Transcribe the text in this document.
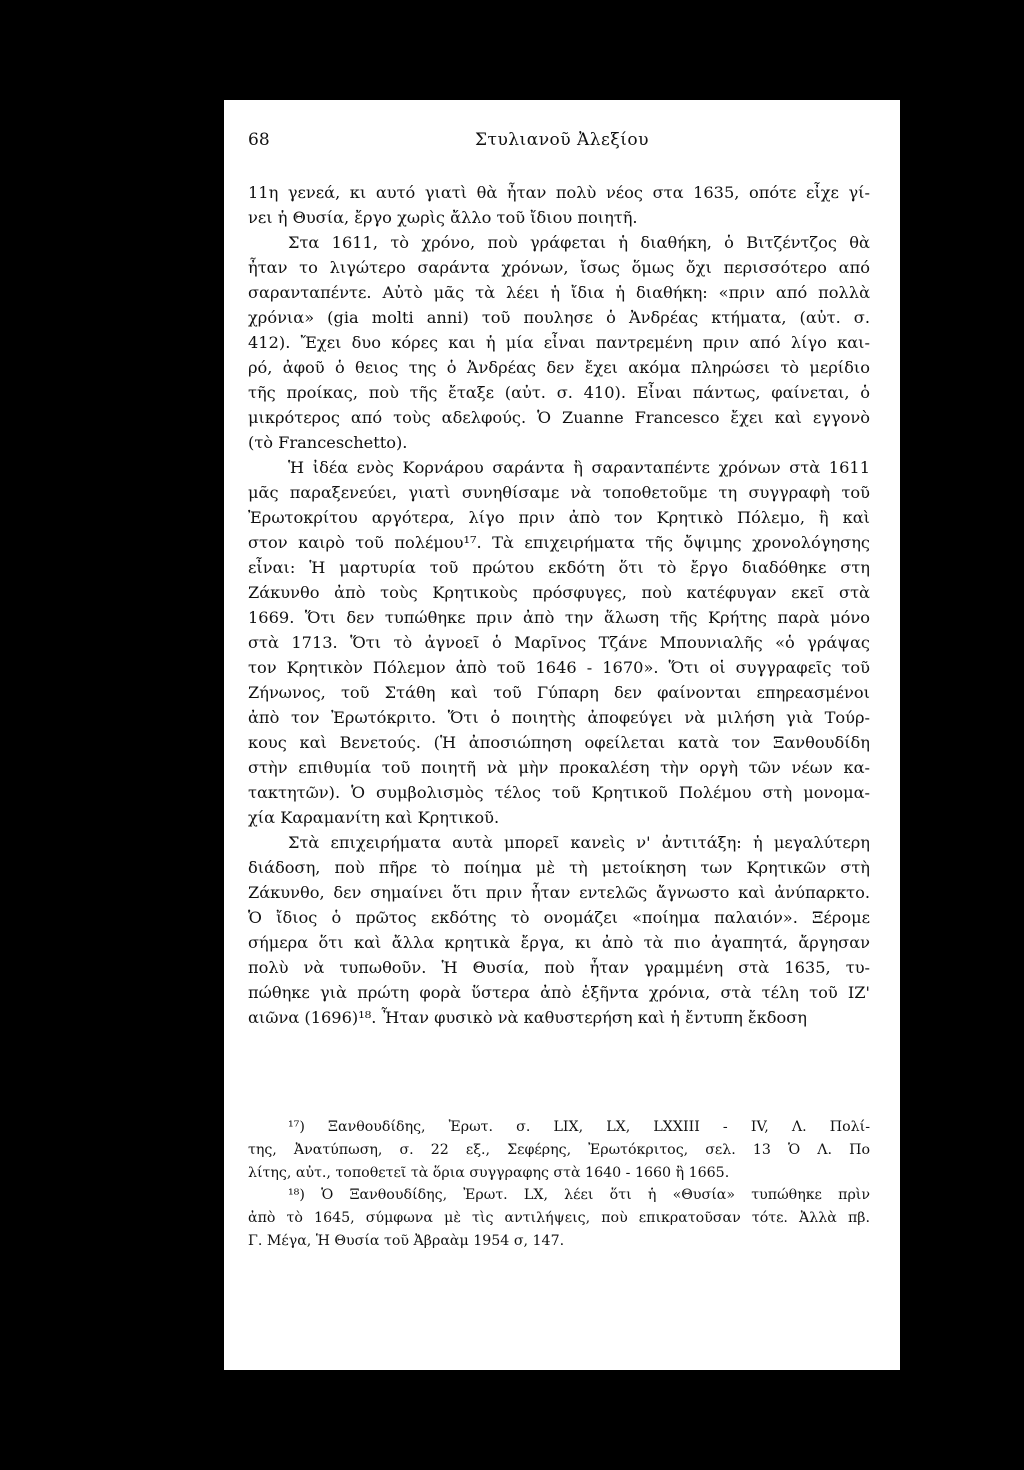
68	Στυλιανοῦ Ἀλεξίου
11η γενεά, κι αυτό γιατὶ θὰ ἦταν πολὺ νέος στα 1635, οπότε εἶχε γί-
νει ἡ Θυσία, ἔργο χωρὶς ἄλλο τοῦ ἴδιου ποιητῆ.
Στα 1611, τὸ χρόνο, ποὺ γράφεται ἡ διαθήκη, ὁ Βιτζέντζος θὰ
ἦταν το λιγώτερο σαράντα χρόνων, ἴσως ὅμως ὄχι περισσότερο από
σαρανταπέντε. Αὐτὸ μᾶς τὰ λέει ἡ ἴδια ἡ διαθήκη: «πριν από πολλὰ
χρόνια» (gia molti anni) τοῦ πουλησε ὁ Ἀνδρέας κτήματα, (αὐτ. σ.
412). Ἔχει δυο κόρες και ἡ μία εἶναι παντρεμένη πριν από λίγο και-
ρό, ἀφοῦ ὁ θειος της ὁ Ἀνδρέας δεν ἔχει ακόμα πληρώσει τὸ μερίδιο
τῆς προίκας, ποὺ τῆς ἔταξε (αὐτ. σ. 410). Εἶναι πάντως, φαίνεται, ὁ
μικρότερος από τοὺς αδελφούς. Ὁ Zuanne Francesco ἔχει καὶ εγγονὸ
(τὸ Franceschetto).
Ἡ ἰδέα ενὸς Κορνάρου σαράντα ἢ σαρανταπέντε χρόνων στὰ 1611
μᾶς παραξενεύει, γιατὶ συνηθίσαμε νὰ τοποθετοῦμε τη συγγραφὴ τοῦ
Ἐρωτοκρίτου αργότερα, λίγο πριν ἀπὸ τον Κρητικὸ Πόλεμο, ἢ καὶ
στον καιρὸ τοῦ πολέμου¹⁷. Τὰ επιχειρήματα τῆς ὄψιμης χρονολόγησης
εἶναι: Ἡ μαρτυρία τοῦ πρώτου εκδότη ὅτι τὸ ἔργο διαδόθηκε στη
Ζάκυνθο ἀπὸ τοὺς Κρητικοὺς πρόσφυγες, ποὺ κατέφυγαν εκεῖ στὰ
1669. Ὅτι δεν τυπώθηκε πριν ἀπὸ την ἅλωση τῆς Κρήτης παρὰ μόνο
στὰ 1713. Ὅτι τὸ ἀγνοεῖ ὁ Μαρῖνος Τζάνε Μπουνιαλῆς «ὁ γράψας
τον Κρητικὸν Πόλεμον ἀπὸ τοῦ 1646 - 1670». Ὅτι οἱ συγγραφεῖς τοῦ
Ζήνωνος, τοῦ Στάθη καὶ τοῦ Γύπαρη δεν φαίνονται επηρεασμένοι
ἀπὸ τον Ἐρωτόκριτο. Ὅτι ὁ ποιητὴς ἀποφεύγει νὰ μιλήση γιὰ Τούρ-
κους καὶ Βενετούς. (Ἡ ἀποσιώπηση οφείλεται κατὰ τον Ξανθουδίδη
στὴν επιθυμία τοῦ ποιητῆ νὰ μὴν προκαλέση τὴν οργὴ τῶν νέων κα-
τακτητῶν). Ὁ συμβολισμὸς τέλος τοῦ Κρητικοῦ Πολέμου στὴ μονομα-
χία Καραμανίτη καὶ Κρητικοῦ.
Στὰ επιχειρήματα αυτὰ μπορεῖ κανεὶς ν' ἀντιτάξη: ἡ μεγαλύτερη
διάδοση, ποὺ πῆρε τὸ ποίημα μὲ τὴ μετοίκηση των Κρητικῶν στὴ
Ζάκυνθο, δεν σημαίνει ὅτι πριν ἦταν εντελῶς ἄγνωστο καὶ ἀνύπαρκτο.
Ὁ ἴδιος ὁ πρῶτος εκδότης τὸ ονομάζει «ποίημα παλαιόν». Ξέρομε
σήμερα ὅτι καὶ ἄλλα κρητικὰ ἔργα, κι ἀπὸ τὰ πιο ἀγαπητά, ἄργησαν
πολὺ νὰ τυπωθοῦν. Ἡ Θυσία, ποὺ ἦταν γραμμένη στὰ 1635, τυ-
πώθηκε γιὰ πρώτη φορὰ ὕστερα ἀπὸ ἑξῆντα χρόνια, στὰ τέλη τοῦ ΙΖ'
αιῶνα (1696)¹⁸. Ἦταν φυσικὸ νὰ καθυστερήση καὶ ἡ ἔντυπη ἔκδοση
¹⁷) Ξανθουδίδης, Ἐρωτ. σ. LIX, LX, LXXIII - IV, Λ. Πολί-
της, Ἀνατύπωση, σ. 22 εξ., Σεφέρης, Ἐρωτόκριτος, σελ. 13 Ὁ Λ. Πο
λίτης, αὐτ., τοποθετεῖ τὰ ὅρια συγγραφης στὰ 1640 - 1660 ἢ 1665.
¹⁸) Ὁ Ξανθουδίδης, Ἐρωτ. LX, λέει ὅτι ἡ «Θυσία» τυπώθηκε πρὶν
ἀπὸ τὸ 1645, σύμφωνα μὲ τὶς αντιλήψεις, ποὺ επικρατοῦσαν τότε. Ἀλλὰ πβ.
Γ. Μέγα, Ἡ Θυσία τοῦ Ἀβραὰμ 1954 σ, 147.
